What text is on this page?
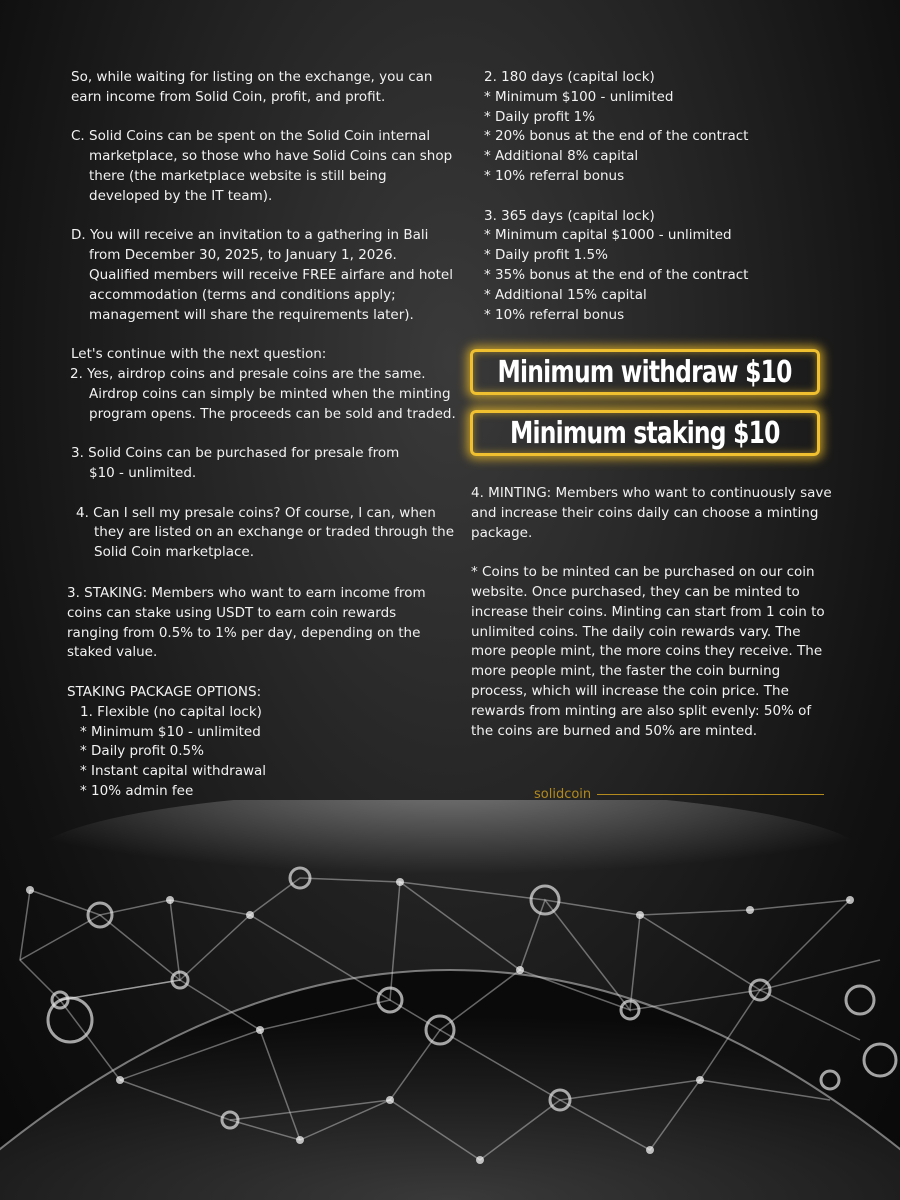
So, while waiting for listing on the exchange, you can

earn income from Solid Coin, profit, and profit.

C. Solid Coins can be spent on the Solid Coin internal

marketplace, so those who have Solid Coins can shop

there (the marketplace website is still being

developed by the IT team).

D. You will receive an invitation to a gathering in Bali

from December 30, 2025, to January 1, 2026.

Qualified members will receive FREE airfare and hotel

accommodation (terms and conditions apply;

management will share the requirements later).

Let's continue with the next question:

2. Yes, airdrop coins and presale coins are the same.

Airdrop coins can simply be minted when the minting

program opens. The proceeds can be sold and traded.

3. Solid Coins can be purchased for presale from

$10 - unlimited.

4. Can I sell my presale coins? Of course, I can, when

they are listed on an exchange or traded through the

Solid Coin marketplace.

3. STAKING: Members who want to earn income from

coins can stake using USDT to earn coin rewards

ranging from 0.5% to 1% per day, depending on the

staked value.

STAKING PACKAGE OPTIONS:

1. Flexible (no capital lock)

* Minimum $10 - unlimited

* Daily profit 0.5%

* Instant capital withdrawal

* 10% admin fee

2. 180 days (capital lock)

* Minimum $100 - unlimited

* Daily profit 1%

* 20% bonus at the end of the contract

* Additional 8% capital

* 10% referral bonus

3. 365 days (capital lock)

* Minimum capital $1000 - unlimited

* Daily profit 1.5%

* 35% bonus at the end of the contract

* Additional 15% capital

* 10% referral bonus

Minimum withdraw $10
Minimum staking $10

4. MINTING: Members who want to continuously save

and increase their coins daily can choose a minting

package.

* Coins to be minted can be purchased on our coin

website. Once purchased, they can be minted to

increase their coins. Minting can start from 1 coin to

unlimited coins. The daily coin rewards vary. The

more people mint, the more coins they receive. The

more people mint, the faster the coin burning

process, which will increase the coin price. The

rewards from minting are also split evenly: 50% of

the coins are burned and 50% are minted.

solidcoin
